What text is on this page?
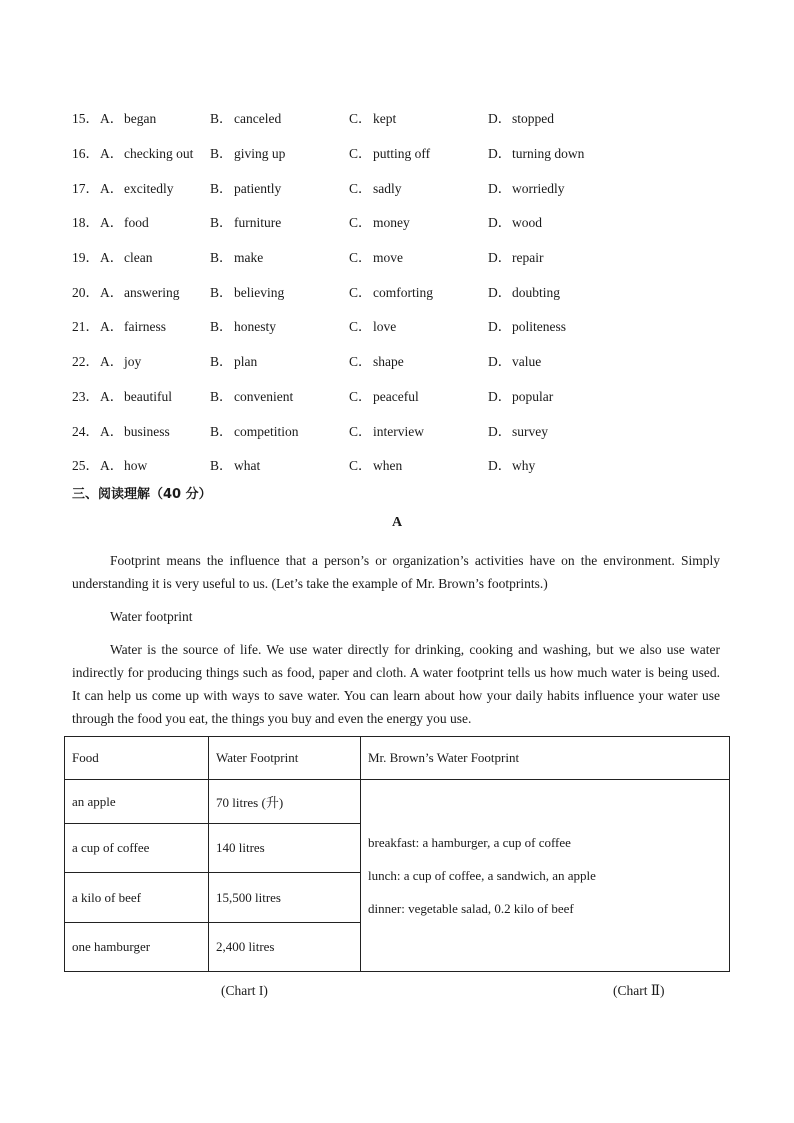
15．A．began	B．canceled	C．kept	D．stopped
16．A．checking out	B．giving up	C．putting off	D．turning down
17．A．excitedly	B．patiently	C．sadly	D．worriedly
18．A．food	B．furniture	C．money	D．wood
19．A．clean	B．make	C．move	D．repair
20．A．answering	B．believing	C．comforting	D．doubting
21．A．fairness	B．honesty	C．love	D．politeness
22．A．joy	B．plan	C．shape	D．value
23．A．beautiful	B．convenient	C．peaceful	D．popular
24．A．business	B．competition	C．interview	D．survey
25．A．how	B．what	C．when	D．why
三、阅读理解（40 分）
A

Footprint means the influence that a person’s or organization’s activities have on the environment. Simply understanding it is very useful to us. (Let’s take the example of Mr. Brown’s footprints.)

Water footprint

Water is the source of life. We use water directly for drinking, cooking and washing, but we also use water indirectly for producing things such as food, paper and cloth. A water footprint tells us how much water is being used. It can help us come up with ways to save water. You can learn about how your daily habits influence your water use through the food you eat, the things you buy and even the energy you use.

Food	Water Footprint	Mr. Brown’s Water Footprint
an apple	70 litres (升)	breakfast: a hamburger, a cup of coffee
lunch: a cup of coffee, a sandwich, an apple
dinner: vegetable salad, 0.2 kilo of beef

a cup of coffee	140 litres	
a kilo of beef	15,500 litres	
one hamburger	2,400 litres	
(Chart I)	(Chart Ⅱ)
